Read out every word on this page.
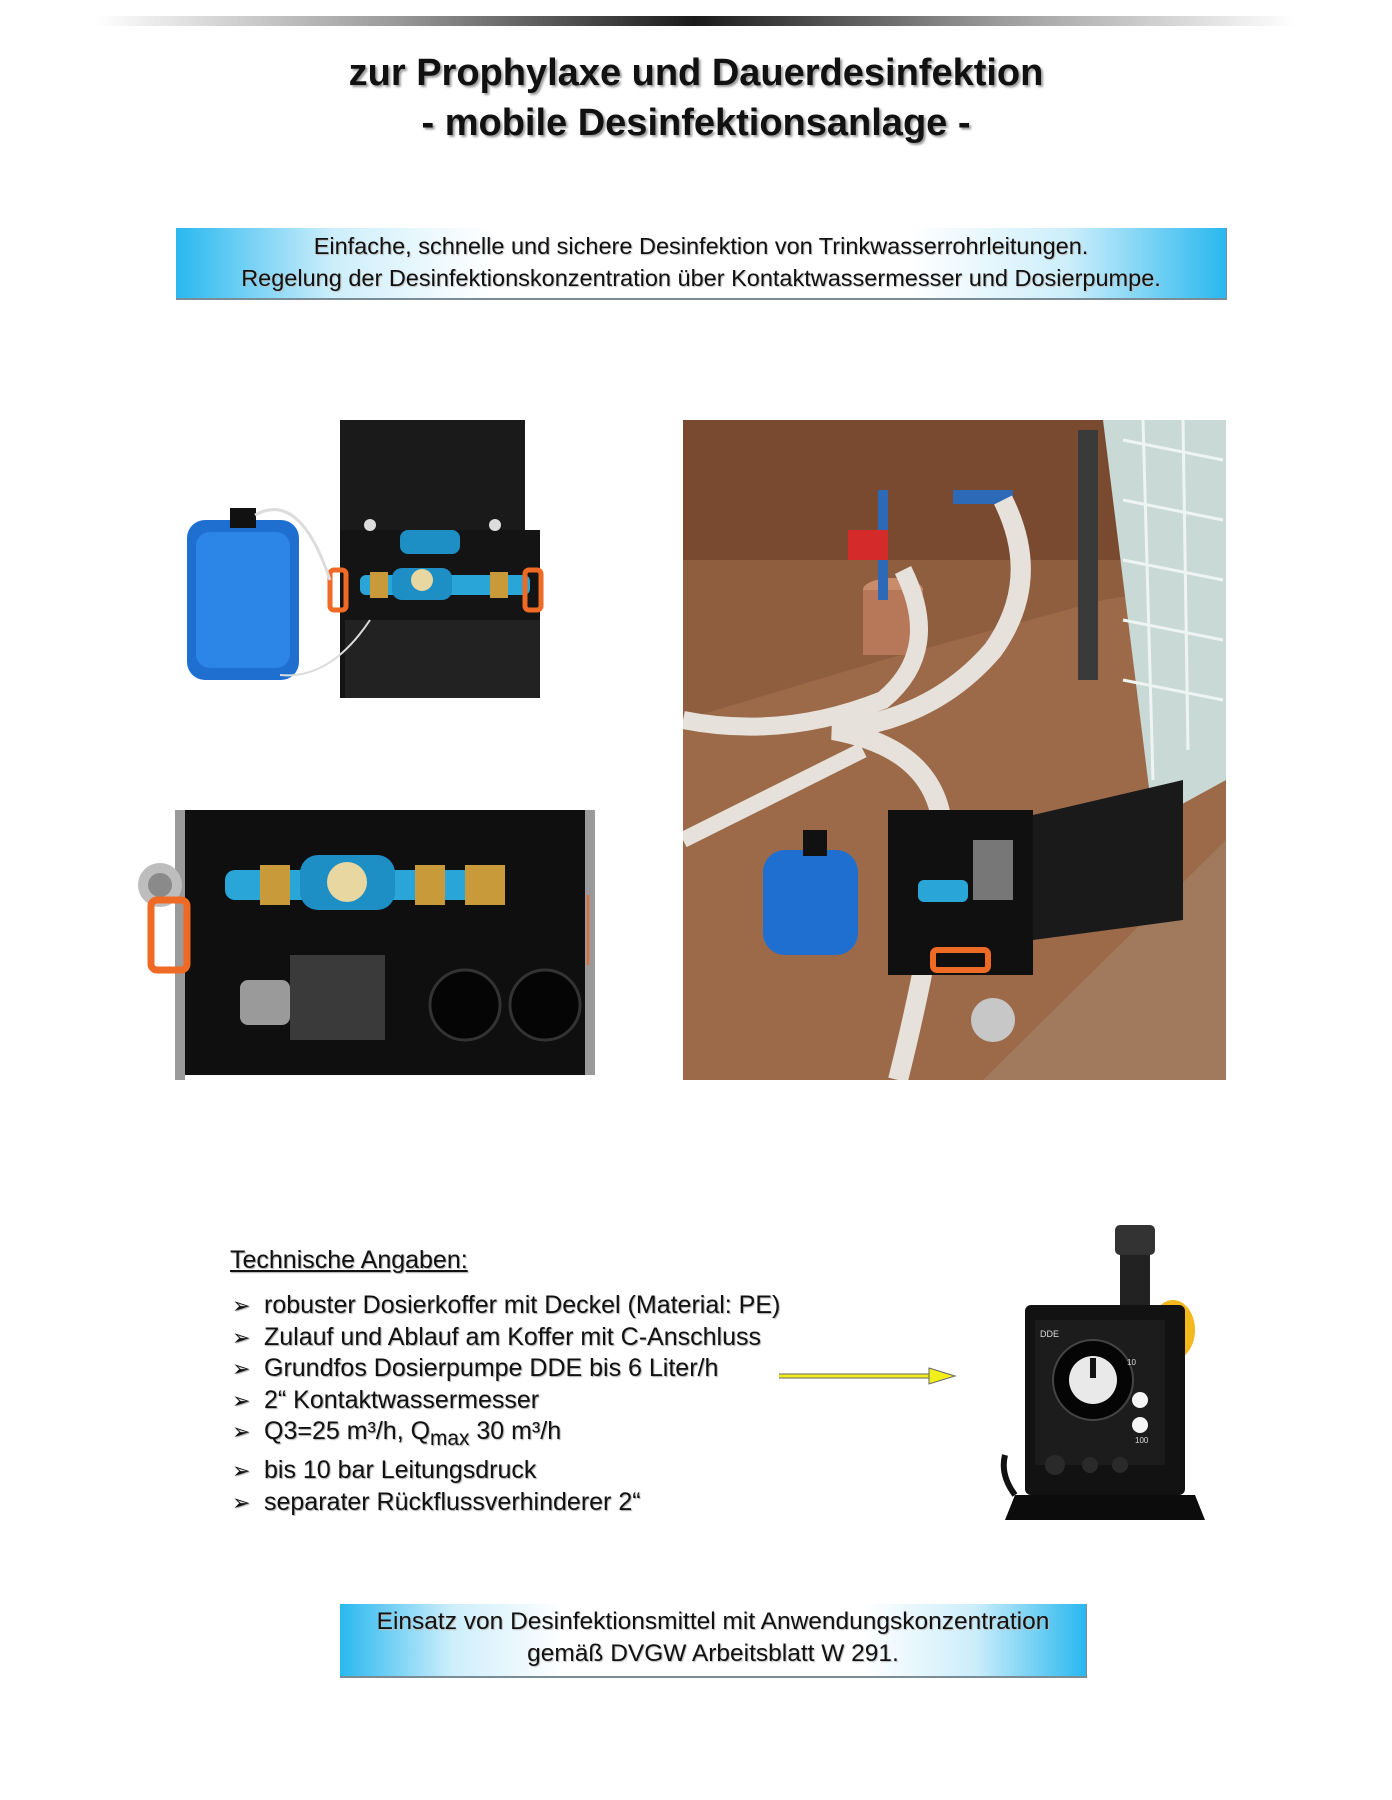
zur Prophylaxe und Dauerdesinfektion
- mobile Desinfektionsanlage -
Einfache, schnelle und sichere Desinfektion von Trinkwasserrohrleitungen.
Regelung der Desinfektionskonzentration über Kontaktwassermesser und Dosierpumpe.
DDE
10
100
Technische Angaben:
➢ robuster Dosierkoffer mit Deckel (Material: PE)
➢ Zulauf und Ablauf am Koffer mit C-Anschluss
➢ Grundfos Dosierpumpe DDE bis 6 Liter/h
➢ 2“ Kontaktwassermesser
➢ Q3=25 m³/h, $Q_{max}$ 30 m³/h
➢ bis 10 bar Leitungsdruck
➢ separater Rückflussverhinderer 2“
Einsatz von Desinfektionsmittel mit Anwendungskonzentration
gemäß DVGW Arbeitsblatt W 291.
